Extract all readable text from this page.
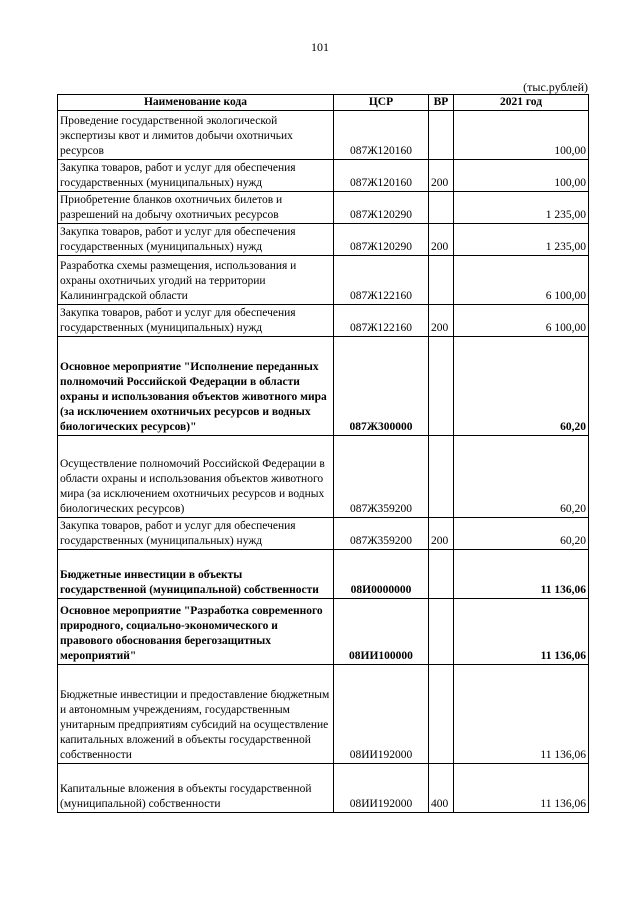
101
(тыс.рублей)
Наименование кода	ЦСР	ВР	2021 год
Проведение государственной экологической экспертизы квот и лимитов добычи охотничьих ресурсов	087Ж120160		100,00
Закупка товаров, работ и услуг для обеспечения государственных (муниципальных) нужд	087Ж120160	200	100,00
Приобретение бланков охотничьих билетов и разрешений на добычу охотничьих ресурсов	087Ж120290		1 235,00
Закупка товаров, работ и услуг для обеспечения государственных (муниципальных) нужд	087Ж120290	200	1 235,00
Разработка схемы размещения, использования и охраны охотничьих угодий на территории Калининградской области	087Ж122160		6 100,00
Закупка товаров, работ и услуг для обеспечения государственных (муниципальных) нужд	087Ж122160	200	6 100,00
Основное мероприятие "Исполнение переданных полномочий Российской Федерации в области охраны и использования объектов животного мира (за исключением охотничьих ресурсов и водных биологических ресурсов)"	087Ж300000		60,20
Осуществление полномочий Российской Федерации в области охраны и использования объектов животного мира (за исключением охотничьих ресурсов и водных биологических ресурсов)	087Ж359200		60,20
Закупка товаров, работ и услуг для обеспечения государственных (муниципальных) нужд	087Ж359200	200	60,20
Бюджетные инвестиции в объекты государственной (муниципальной) собственности	08И0000000		11 136,06
Основное мероприятие "Разработка современного природного, социально-экономического и правового обоснования берегозащитных мероприятий"	08ИИ100000		11 136,06
Бюджетные инвестиции и предоставление бюджетным и автономным учреждениям, государственным унитарным предприятиям субсидий на осуществление капитальных вложений в объекты государственной собственности	08ИИ192000		11 136,06
Капитальные вложения в объекты государственной (муниципальной) собственности	08ИИ192000	400	11 136,06
